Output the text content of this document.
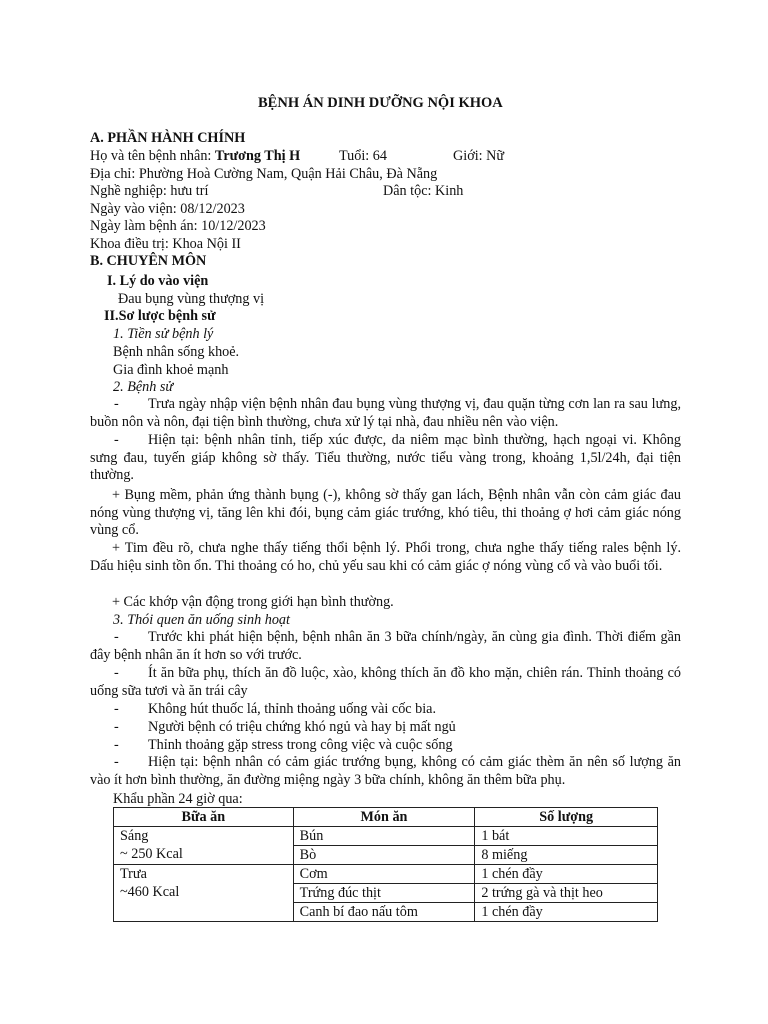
BỆNH ÁN DINH DƯỠNG NỘI KHOA
A. PHẦN HÀNH CHÍNH
Họ và tên bệnh nhân: Trương Thị H	Tuổi: 64	Giới: Nữ
Địa chỉ: Phường Hoà Cường Nam, Quận Hải Châu, Đà Nẵng
Nghề nghiệp: hưu trí	Dân tộc: Kinh
Ngày vào viện: 08/12/2023
Ngày làm bệnh án: 10/12/2023
Khoa điều trị: Khoa Nội II
B. CHUYÊN MÔN
I. Lý do vào viện
Đau bụng vùng thượng vị
II.Sơ lược bệnh sử
1. Tiền sử bệnh lý
Bệnh nhân sống khoẻ.
Gia đình khoẻ mạnh
2. Bệnh sử
- Trưa ngày nhập viện bệnh nhân đau bụng vùng thượng vị, đau quặn từng cơn lan ra sau lưng, buồn nôn và nôn, đại tiện bình thường, chưa xử lý tại nhà, đau nhiều nên vào viện.
- Hiện tại: bệnh nhân tỉnh, tiếp xúc được, da niêm mạc bình thường, hạch ngoại vi. Không sưng đau, tuyến giáp không sờ thấy. Tiểu thường, nước tiểu vàng trong, khoảng 1,5l/24h, đại tiện thường.
+ Bụng mềm, phản ứng thành bụng (-), không sờ thấy gan lách, Bệnh nhân vẫn còn cảm giác đau nóng vùng thượng vị, tăng lên khi đói, bụng cảm giác trướng, khó tiêu, thi thoảng ợ hơi cảm giác nóng vùng cổ.
+ Tim đều rõ, chưa nghe thấy tiếng thổi bệnh lý. Phổi trong, chưa nghe thấy tiếng rales bệnh lý. Dấu hiệu sinh tồn ổn. Thi thoảng có ho, chủ yếu sau khi có cảm giác ợ nóng vùng cổ và vào buổi tối.
+ Các khớp vận động trong giới hạn bình thường.
3. Thói quen ăn uống sinh hoạt
- Trước khi phát hiện bệnh, bệnh nhân ăn 3 bữa chính/ngày, ăn cùng gia đình. Thời điểm gần đây bệnh nhân ăn ít hơn so với trước.
- Ít ăn bữa phụ, thích ăn đồ luộc, xào, không thích ăn đồ kho mặn, chiên rán. Thỉnh thoảng có uống sữa tươi và ăn trái cây
- Không hút thuốc lá, thỉnh thoảng uống vài cốc bia.
- Người bệnh có triệu chứng khó ngủ và hay bị mất ngủ
- Thỉnh thoảng gặp stress trong công việc và cuộc sống
- Hiện tại: bệnh nhân có cảm giác trướng bụng, không có cảm giác thèm ăn nên số lượng ăn vào ít hơn bình thường, ăn đường miệng ngày 3 bữa chính, không ăn thêm bữa phụ.
Khẩu phần 24 giờ qua:
Bữa ăn	Món ăn	Số lượng

Sáng
~ 250 Kcal	Bún	1 bát
	Bò	8 miếng

Trưa
~460 Kcal	Cơm	1 chén đầy
	Trứng đúc thịt	2 trứng gà và thịt heo
	Canh bí đao nấu tôm	1 chén đầy
